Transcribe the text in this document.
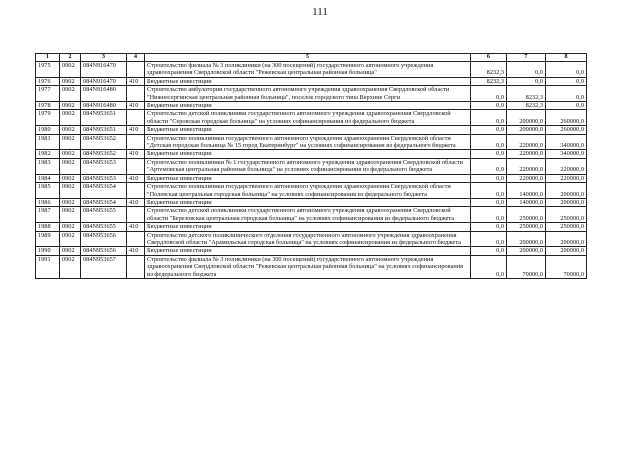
111
1	2	3	4	5	6	7	8
1975	0902	084N916470		Строительство филиала № 3 поликлиники (на 300 посещений) государственного автономного учреждения здравоохранения Свердловской области "Режевская центральная районная больница"	8232,3	0,0	0,0
1976	0902	084N916470	410	Бюджетные инвестиции	8232,3	0,0	0,0
1977	0902	084N916480		Строительство амбулатории государственного автономного учреждения здравоохранения Свердловской области "Нижнесергинская центральная районная больница", поселок городского типа Верхние Серги	0,0	8232,3	0,0
1978	0902	084N916480	410	Бюджетные инвестиции	0,0	8232,3	0,0
1979	0902	084N953651		Строительство детской поликлиники государственного автономного учреждения здравоохранения Свердловской области "Серовская городская больница" на условиях софинансирования из федерального бюджета	0,0	200000,0	260000,0
1980	0902	084N953651	410	Бюджетные инвестиции	0,0	200000,0	260000,0
1981	0902	084N953652		Строительство поликлиники государственного автономного учреждения здравоохранения Свердловской области "Детская городская больница № 15 город Екатеринбург" на условиях софинансирования из федерального бюджета	0,0	220000,0	340000,0
1982	0902	084N953652	410	Бюджетные инвестиции	0,0	220000,0	340000,0
1983	0902	084N953653		Строительство поликлиники № 1 государственного автономного учреждения здравоохранения Свердловской области "Артемовская центральная районная больница" на условиях софинансирования из федерального бюджета	0,0	220000,0	220000,0
1984	0902	084N953653	410	Бюджетные инвестиции	0,0	220000,0	220000,0
1985	0902	084N953654		Строительство поликлиники государственного автономного учреждения здравоохранения Свердловской области "Полевская центральная городская больница" на условиях софинансирования из федерального бюджета	0,0	140000,0	200000,0
1986	0902	084N953654	410	Бюджетные инвестиции	0,0	140000,0	200000,0
1987	0902	084N953655		Строительство детской поликлиники государственного автономного учреждения здравоохранения Свердловской области "Березовская центральная городская больница" на условиях софинансирования из федерального бюджета	0,0	250000,0	250000,0
1988	0902	084N953655	410	Бюджетные инвестиции	0,0	250000,0	250000,0
1989	0902	084N953656		Строительство детского поликлинического отделения государственного автономного учреждения здравоохранения Свердловской области "Арамильская городская больница" на условиях софинансирования из федерального бюджета	0,0	200000,0	200000,0
1990	0902	084N953656	410	Бюджетные инвестиции	0,0	200000,0	200000,0
1991	0902	084N953657		Строительство филиала № 3 поликлиники (на 300 посещений) государственного автономного учреждения здравоохранения Свердловской области "Режевская центральная районная больница" на условиях софинансирования из федерального бюджета	0,0	70000,0	70000,0
